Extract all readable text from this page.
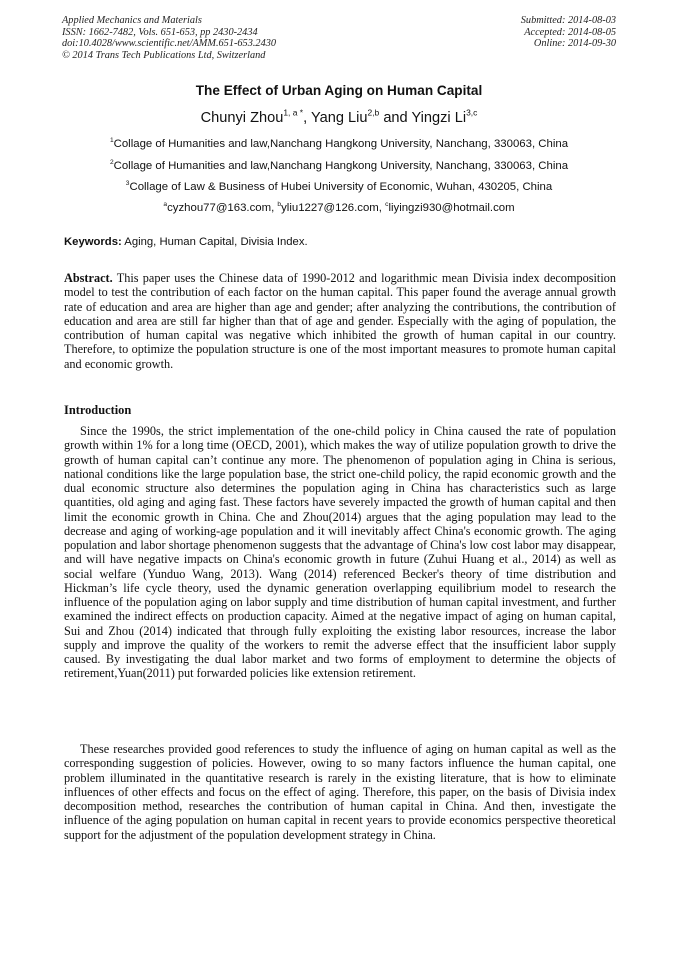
Applied Mechanics and Materials
ISSN: 1662-7482, Vols. 651-653, pp 2430-2434
doi:10.4028/www.scientific.net/AMM.651-653.2430
© 2014 Trans Tech Publications Ltd, Switzerland
Submitted: 2014-08-03
Accepted: 2014-08-05
Online: 2014-09-30
The Effect of Urban Aging on Human Capital
Chunyi Zhou$^{1, a *}$, Yang Liu$^{2,b}$ and Yingzi Li$^{3,c}$
$^1$Collage of Humanities and law,Nanchang Hangkong University, Nanchang, 330063, China
$^2$Collage of Humanities and law,Nanchang Hangkong University, Nanchang, 330063, China
$^3$Collage of Law & Business of Hubei University of Economic, Wuhan, 430205, China
$^a$cyzhou77@163.com, $^b$yliu1227@126.com, $^c$liyingzi930@hotmail.com
Keywords: Aging, Human Capital, Divisia Index.

Abstract. This paper uses the Chinese data of 1990-2012 and logarithmic mean Divisia index decomposition model to test the contribution of each factor on the human capital. This paper found the average annual growth rate of education and area are higher than age and gender; after analyzing the contributions, the contribution of education and area are still far higher than that of age and gender. Especially with the aging of population, the contribution of human capital was negative which inhibited the growth of human capital in our country. Therefore, to optimize the population structure is one of the most important measures to promote human capital and economic growth.

Introduction

Since the 1990s, the strict implementation of the one-child policy in China caused the rate of population growth within 1% for a long time (OECD, 2001), which makes the way of utilize population growth to drive the growth of human capital can’t continue any more. The phenomenon of population aging in China is serious, national conditions like the large population base, the strict one-child policy, the rapid economic growth and the dual economic structure also determines the population aging in China has characteristics such as large quantities, old aging and aging fast. These factors have severely impacted the growth of human capital and then limit the economic growth in China. Che and Zhou(2014) argues that the aging population may lead to the decrease and aging of working-age population and it will inevitably affect China's economic growth. The aging population and labor shortage phenomenon suggests that the advantage of China's low cost labor may disappear, and will have negative impacts on China's economic growth in future (Zuhui Huang et al., 2014) as well as social welfare (Yunduo Wang, 2013). Wang (2014) referenced Becker's theory of time distribution and Hickman’s life cycle theory, used the dynamic generation overlapping equilibrium model to research the influence of the population aging on labor supply and time distribution of human capital investment, and further examined the indirect effects on production capacity. Aimed at the negative impact of aging on human capital, Sui and Zhou (2014) indicated that through fully exploiting the existing labor resources, increase the labor supply and improve the quality of the workers to remit the adverse effect that the insufficient labor supply caused. By investigating the dual labor market and two forms of employment to determine the objects of retirement,Yuan(2011) put forwarded policies like extension retirement.

These researches provided good references to study the influence of aging on human capital as well as the corresponding suggestion of policies. However, owing to so many factors influence the human capital, one problem illuminated in the quantitative research is rarely in the existing literature, that is how to eliminate influences of other effects and focus on the effect of aging. Therefore, this paper, on the basis of Divisia index decomposition method, researches the contribution of human capital in China. And then, investigate the influence of the aging population on human capital in recent years to provide economics perspective theoretical support for the adjustment of the population development strategy in China.
